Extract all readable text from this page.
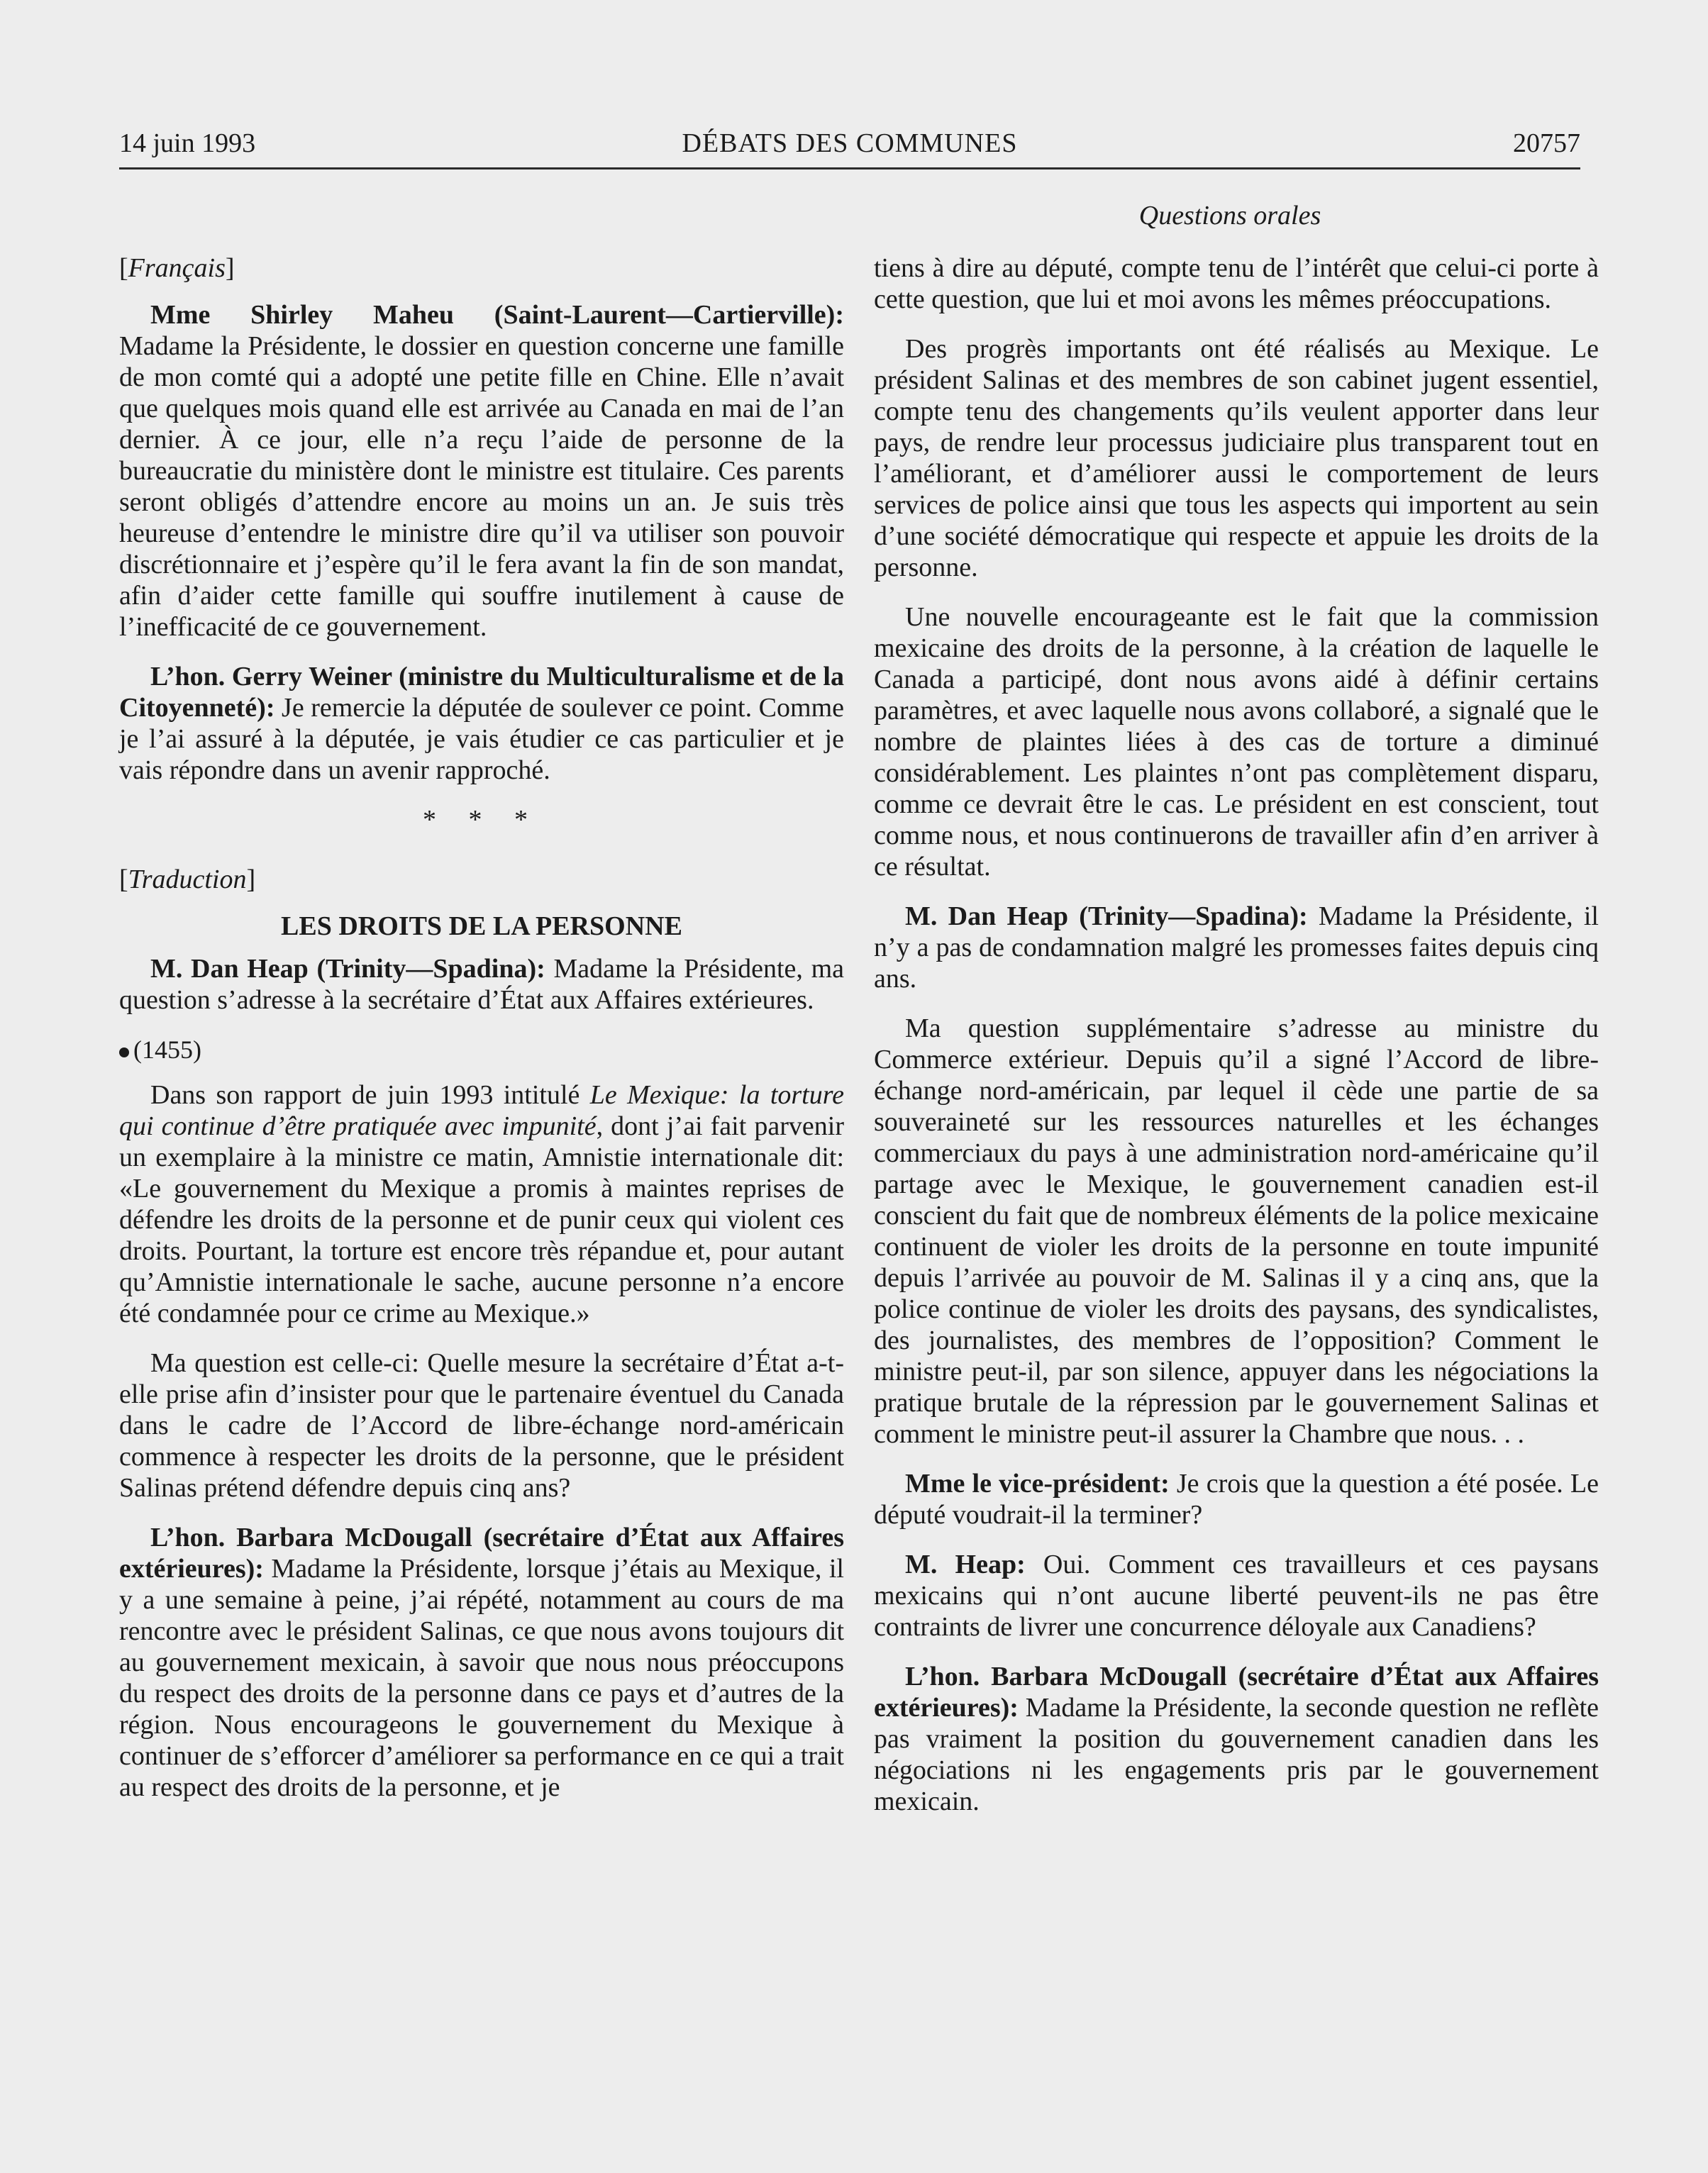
14 juin 1993	DÉBATS DES COMMUNES	20757
Questions orales

[Français]

Mme Shirley Maheu (Saint-Laurent—Cartierville): Madame la Présidente, le dossier en question concerne une famille de mon comté qui a adopté une petite fille en Chine. Elle n’avait que quelques mois quand elle est arrivée au Canada en mai de l’an dernier. À ce jour, elle n’a reçu l’aide de personne de la bureaucratie du ministère dont le ministre est titulaire. Ces parents seront obligés d’attendre encore au moins un an. Je suis très heureuse d’entendre le ministre dire qu’il va utiliser son pouvoir discrétionnaire et j’espère qu’il le fera avant la fin de son mandat, afin d’aider cette famille qui souffre inutilement à cause de l’inefficacité de ce gouvernement.

L’hon. Gerry Weiner (ministre du Multiculturalisme et de la Citoyenneté): Je remercie la députée de soulever ce point. Comme je l’ai assuré à la députée, je vais étudier ce cas particulier et je vais répondre dans un avenir rapproché.

* * *

[Traduction]

LES DROITS DE LA PERSONNE

M. Dan Heap (Trinity—Spadina): Madame la Présidente, ma question s’adresse à la secrétaire d’État aux Affaires extérieures.

(1455)

Dans son rapport de juin 1993 intitulé Le Mexique: la torture qui continue d’être pratiquée avec impunité, dont j’ai fait parvenir un exemplaire à la ministre ce matin, Amnistie internationale dit: «Le gouvernement du Mexique a promis à maintes reprises de défendre les droits de la personne et de punir ceux qui violent ces droits. Pourtant, la torture est encore très répandue et, pour autant qu’Amnistie internationale le sache, aucune personne n’a encore été condamnée pour ce crime au Mexique.»

Ma question est celle-ci: Quelle mesure la secrétaire d’État a-t-elle prise afin d’insister pour que le partenaire éventuel du Canada dans le cadre de l’Accord de libre-échange nord-américain commence à respecter les droits de la personne, que le président Salinas prétend défendre depuis cinq ans?

L’hon. Barbara McDougall (secrétaire d’État aux Affaires extérieures): Madame la Présidente, lorsque j’étais au Mexique, il y a une semaine à peine, j’ai répété, notamment au cours de ma rencontre avec le président Salinas, ce que nous avons toujours dit au gouvernement mexicain, à savoir que nous nous préoccupons du respect des droits de la personne dans ce pays et d’autres de la région. Nous encourageons le gouvernement du Mexique à continuer de s’efforcer d’améliorer sa performance en ce qui a trait au respect des droits de la personne, et je

tiens à dire au député, compte tenu de l’intérêt que celui-ci porte à cette question, que lui et moi avons les mêmes préoccupations.

Des progrès importants ont été réalisés au Mexique. Le président Salinas et des membres de son cabinet jugent essentiel, compte tenu des changements qu’ils veulent apporter dans leur pays, de rendre leur processus judiciaire plus transparent tout en l’améliorant, et d’améliorer aussi le comportement de leurs services de police ainsi que tous les aspects qui importent au sein d’une société démocratique qui respecte et appuie les droits de la personne.

Une nouvelle encourageante est le fait que la commission mexicaine des droits de la personne, à la création de laquelle le Canada a participé, dont nous avons aidé à définir certains paramètres, et avec laquelle nous avons collaboré, a signalé que le nombre de plaintes liées à des cas de torture a diminué considérablement. Les plaintes n’ont pas complètement disparu, comme ce devrait être le cas. Le président en est conscient, tout comme nous, et nous continuerons de travailler afin d’en arriver à ce résultat.

M. Dan Heap (Trinity—Spadina): Madame la Présidente, il n’y a pas de condamnation malgré les promesses faites depuis cinq ans.

Ma question supplémentaire s’adresse au ministre du Commerce extérieur. Depuis qu’il a signé l’Accord de libre-échange nord-américain, par lequel il cède une partie de sa souveraineté sur les ressources naturelles et les échanges commerciaux du pays à une administration nord-américaine qu’il partage avec le Mexique, le gouvernement canadien est-il conscient du fait que de nombreux éléments de la police mexicaine continuent de violer les droits de la personne en toute impunité depuis l’arrivée au pouvoir de M. Salinas il y a cinq ans, que la police continue de violer les droits des paysans, des syndicalistes, des journalistes, des membres de l’opposition? Comment le ministre peut-il, par son silence, appuyer dans les négociations la pratique brutale de la répression par le gouvernement Salinas et comment le ministre peut-il assurer la Chambre que nous. . .

Mme le vice-président: Je crois que la question a été posée. Le député voudrait-il la terminer?

M. Heap: Oui. Comment ces travailleurs et ces paysans mexicains qui n’ont aucune liberté peuvent-ils ne pas être contraints de livrer une concurrence déloyale aux Canadiens?

L’hon. Barbara McDougall (secrétaire d’État aux Affaires extérieures): Madame la Présidente, la seconde question ne reflète pas vraiment la position du gouvernement canadien dans les négociations ni les engagements pris par le gouvernement mexicain.
